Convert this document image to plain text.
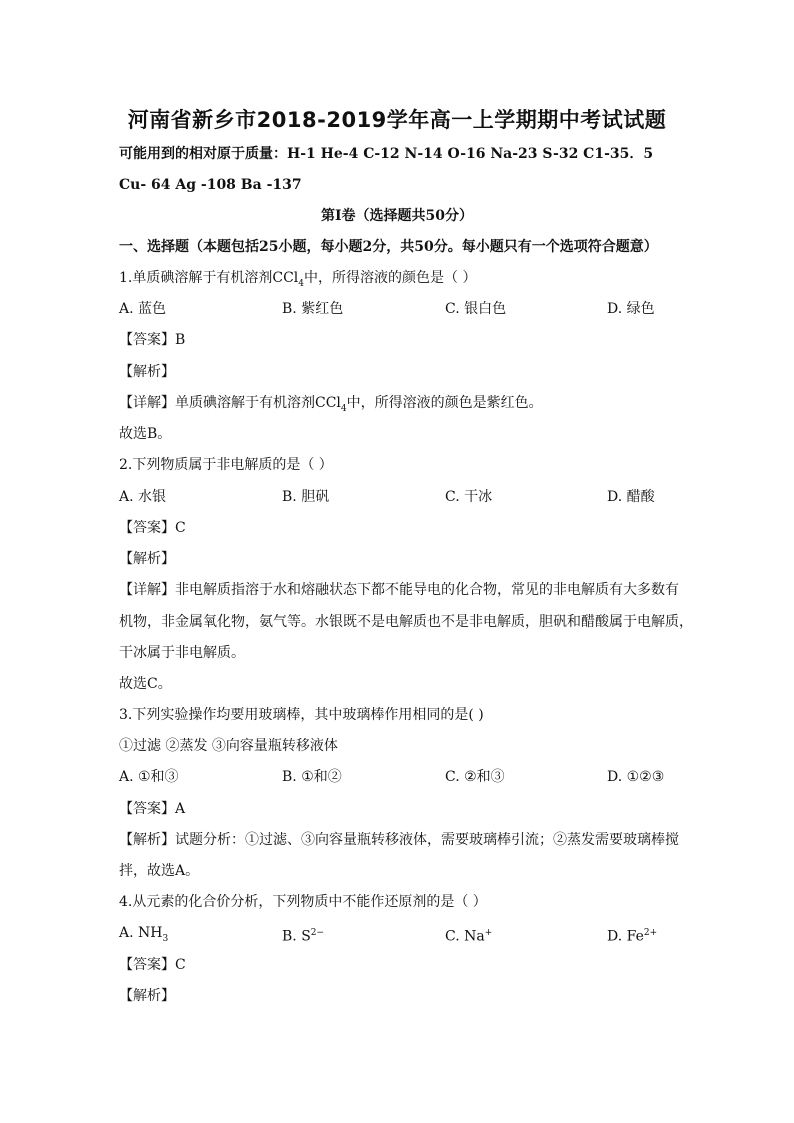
河南省新乡市2018-2019学年高一上学期期中考试试题
可能用到的相对原于质量：H-1 He-4 C-12 N-14 O-16 Na-23 S-32 C1-35．5
Cu- 64 Ag -108 Ba -137
第Ⅰ卷（选择题共50分）
一、选择题（本题包括25小题，每小题2分，共50分。每小题只有一个选项符合题意）
1.单质碘溶解于有机溶剂CCl$_4$中，所得溶液的颜色是（ ）
A. 蓝色	B. 紫红色	C. 银白色	D. 绿色
【答案】B
【解析】
【详解】单质碘溶解于有机溶剂CCl$_4$中，所得溶液的颜色是紫红色。
故选B。
2.下列物质属于非电解质的是（ ）
A. 水银	B. 胆矾	C. 干冰	D. 醋酸
【答案】C
【解析】
【详解】非电解质指溶于水和熔融状态下都不能导电的化合物，常见的非电解质有大多数有
机物，非金属氧化物，氨气等。水银既不是电解质也不是非电解质，胆矾和醋酸属于电解质，
干冰属于非电解质。
故选C。
3.下列实验操作均要用玻璃棒，其中玻璃棒作用相同的是( )
①过滤 ②蒸发 ③向容量瓶转移液体
A. ①和③	B. ①和②	C. ②和③	D. ①②③
【答案】A
【解析】试题分析：①过滤、③向容量瓶转移液体，需要玻璃棒引流；②蒸发需要玻璃棒搅
拌，故选A。
4.从元素的化合价分析，下列物质中不能作还原剂的是（ ）
A. $NH_3$	B. $S^{2-}$	C. Na+	D. $Fe^{2+}$
【答案】C
【解析】
